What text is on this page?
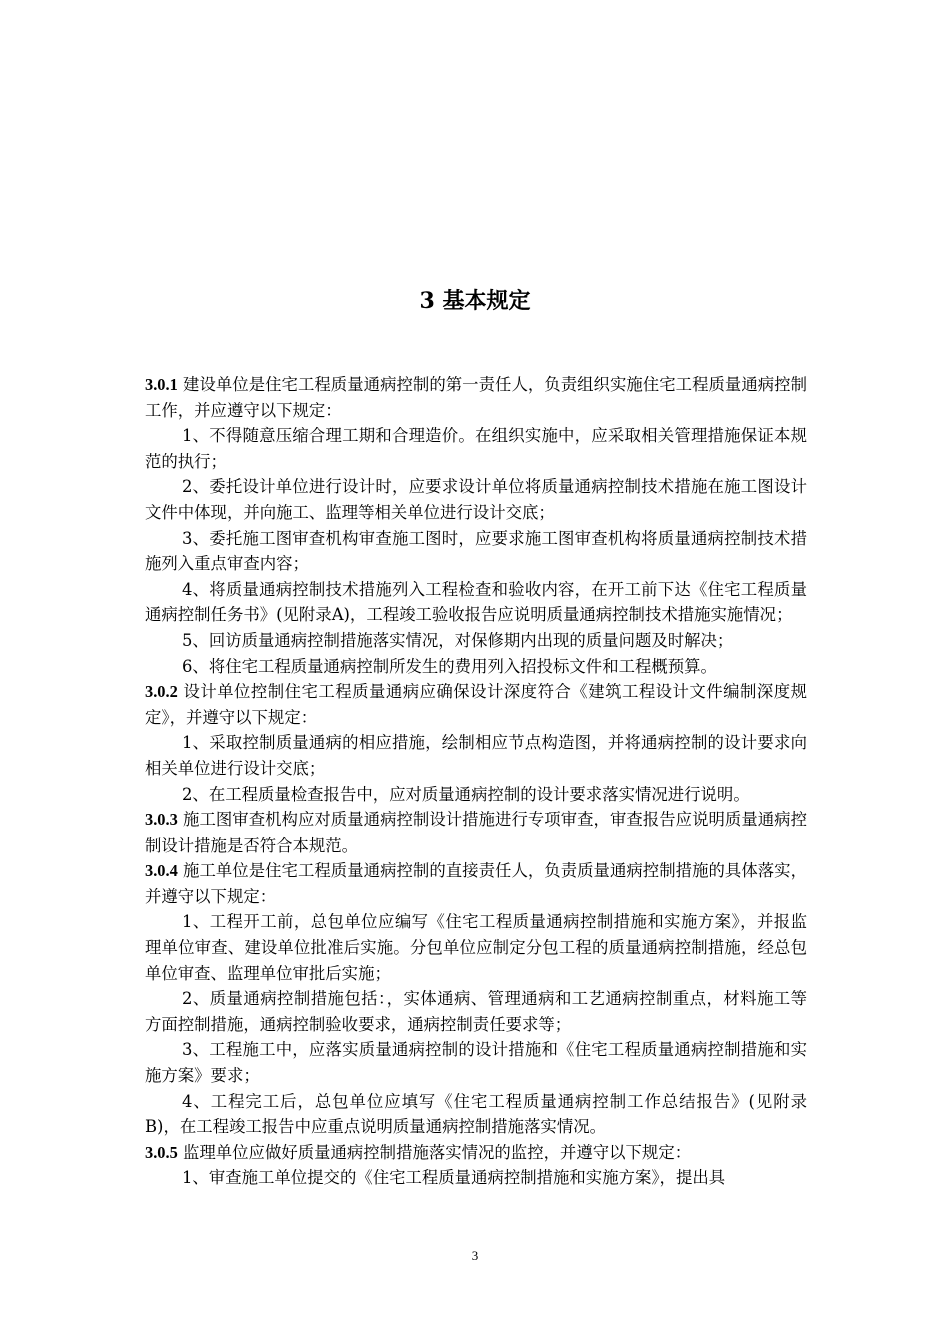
3 基本规定

3.0.1 建设单位是住宅工程质量通病控制的第一责任人，负责组织实施住宅工程质量通病控制工作，并应遵守以下规定：

1、不得随意压缩合理工期和合理造价。在组织实施中，应采取相关管理措施保证本规范的执行；

2、委托设计单位进行设计时，应要求设计单位将质量通病控制技术措施在施工图设计文件中体现，并向施工、监理等相关单位进行设计交底；

3、委托施工图审查机构审查施工图时，应要求施工图审查机构将质量通病控制技术措施列入重点审查内容；

4、将质量通病控制技术措施列入工程检查和验收内容，在开工前下达《住宅工程质量通病控制任务书》(见附录A)，工程竣工验收报告应说明质量通病控制技术措施实施情况；

5、回访质量通病控制措施落实情况，对保修期内出现的质量问题及时解决；

6、将住宅工程质量通病控制所发生的费用列入招投标文件和工程概预算。

3.0.2 设计单位控制住宅工程质量通病应确保设计深度符合《建筑工程设计文件编制深度规定》，并遵守以下规定：

1、采取控制质量通病的相应措施，绘制相应节点构造图，并将通病控制的设计要求向相关单位进行设计交底；

2、在工程质量检查报告中，应对质量通病控制的设计要求落实情况进行说明。

3.0.3 施工图审查机构应对质量通病控制设计措施进行专项审查，审查报告应说明质量通病控制设计措施是否符合本规范。

3.0.4 施工单位是住宅工程质量通病控制的直接责任人，负责质量通病控制措施的具体落实，并遵守以下规定：

1、工程开工前，总包单位应编写《住宅工程质量通病控制措施和实施方案》，并报监理单位审查、建设单位批准后实施。分包单位应制定分包工程的质量通病控制措施，经总包单位审查、监理单位审批后实施；

2、质量通病控制措施包括：，实体通病、管理通病和工艺通病控制重点，材料施工等方面控制措施，通病控制验收要求，通病控制责任要求等；

3、工程施工中，应落实质量通病控制的设计措施和《住宅工程质量通病控制措施和实施方案》要求；

4、工程完工后，总包单位应填写《住宅工程质量通病控制工作总结报告》(见附录B)，在工程竣工报告中应重点说明质量通病控制措施落实情况。

3.0.5 监理单位应做好质量通病控制措施落实情况的监控，并遵守以下规定：

1、审查施工单位提交的《住宅工程质量通病控制措施和实施方案》，提出具

3
